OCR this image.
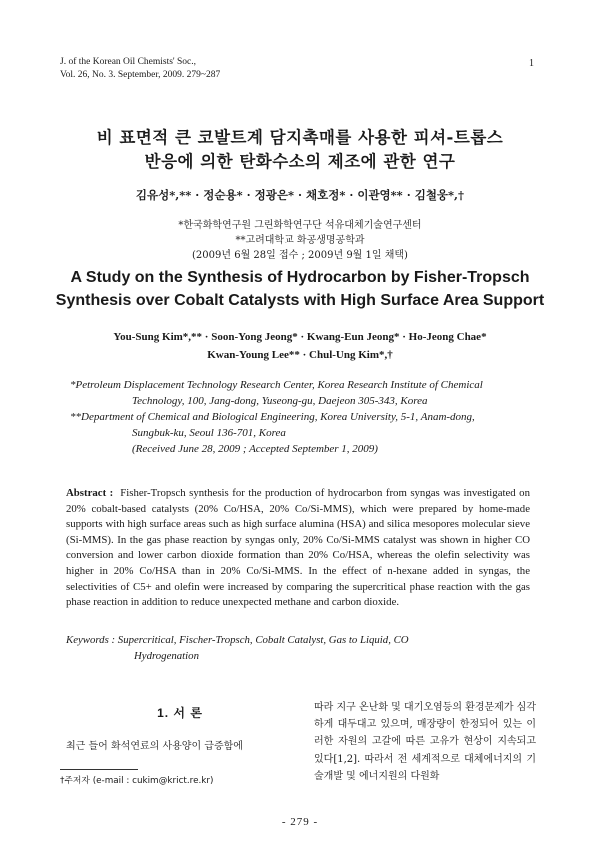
J. of the Korean Oil Chemists' Soc.,
Vol. 26, No. 3. September, 2009. 279~287
1
비 표면적 큰 코발트계 담지촉매를 사용한 피셔-트롭스
반응에 의한 탄화수소의 제조에 관한 연구
김유성*,** · 정순용* · 정광은* · 채호정* · 이관영** · 김철웅*,†
*한국화학연구원 그린화학연구단 석유대체기술연구센터
**고려대학교 화공생명공학과
(2009년 6월 28일 접수 ; 2009년 9월 1일 채택)
A Study on the Synthesis of Hydrocarbon by Fisher-Tropsch
Synthesis over Cobalt Catalysts with High Surface Area Support
You-Sung Kim*,** · Soon-Yong Jeong* · Kwang-Eun Jeong* · Ho-Jeong Chae*
Kwan-Young Lee** · Chul-Ung Kim*,†
*Petroleum Displacement Technology Research Center, Korea Research Institute of Chemical
Technology, 100, Jang-dong, Yuseong-gu, Daejeon 305-343, Korea
**Department of Chemical and Biological Engineering, Korea University, 5-1, Anam-dong,
Sungbuk-ku, Seoul 136-701, Korea
(Received June 28, 2009 ; Accepted September 1, 2009)
Abstract : Fisher-Tropsch synthesis for the production of hydrocarbon from syngas was investigated on 20% cobalt-based catalysts (20% Co/HSA, 20% Co/Si-MMS), which were prepared by home-made supports with high surface areas such as high surface alumina (HSA) and silica mesopores molecular sieve (Si-MMS). In the gas phase reaction by syngas only, 20% Co/Si-MMS catalyst was shown in higher CO conversion and lower carbon dioxide formation than 20% Co/HSA, whereas the olefin selectivity was higher in 20% Co/HSA than in 20% Co/Si-MMS. In the effect of n-hexane added in syngas, the selectivities of C5+ and olefin were increased by comparing the supercritical phase reaction with the gas phase reaction in addition to reduce unexpected methane and carbon dioxide.
Keywords : Supercritical, Fischer-Tropsch, Cobalt Catalyst, Gas to Liquid, CO
Hydrogenation
1. 서 론
최근 들어 화석연료의 사용양이 급증함에
†주저자 (e-mail : cukim@krict.re.kr)
따라 지구 온난화 및 대기오염등의 환경문제가 심각하게 대두대고 있으며, 매장량이 한정되어 있는 이러한 자원의 고갈에 따른 고유가 현상이 지속되고 있다[1,2]. 따라서 전 세계적으로 대체에너지의 기술개발 및 에너지원의 다원화
- 279 -
